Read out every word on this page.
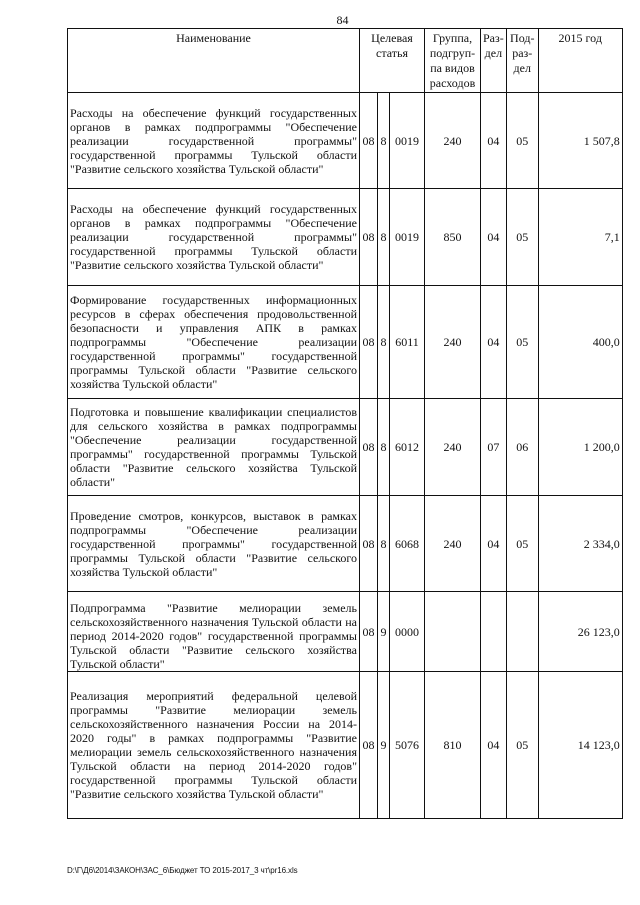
84
Наименование	Целевая статья			Группа, подгруп-па видов расходов	Раз-дел	Под-раз-дел	2015 год
Расходы на обеспечение функций государственных органов в рамках подпрограммы "Обеспечение реализации государственной программы" государственной программы Тульской области "Развитие сельского хозяйства Тульской области"	08	8	0019	240	04	05	1 507,8
Расходы на обеспечение функций государственных органов в рамках подпрограммы "Обеспечение реализации государственной программы" государственной программы Тульской области "Развитие сельского хозяйства Тульской области"	08	8	0019	850	04	05	7,1
Формирование государственных информационных ресурсов в сферах обеспечения продовольственной безопасности и управления АПК в рамках подпрограммы "Обеспечение реализации государственной программы" государственной программы Тульской области "Развитие сельского хозяйства Тульской области"	08	8	6011	240	04	05	400,0
Подготовка и повышение квалификации специалистов для сельского хозяйства в рамках подпрограммы "Обеспечение реализации государственной программы" государственной программы Тульской области "Развитие сельского хозяйства Тульской области"	08	8	6012	240	07	06	1 200,0
Проведение смотров, конкурсов, выставок в рамках подпрограммы "Обеспечение реализации государственной программы" государственной программы Тульской области "Развитие сельского хозяйства Тульской области"	08	8	6068	240	04	05	2 334,0
Подпрограмма "Развитие мелиорации земель сельскохозяйственного назначения Тульской области на период 2014-2020 годов" государственной программы Тульской области "Развитие сельского хозяйства Тульской области"	08	9	0000				26 123,0
Реализация мероприятий федеральной целевой программы "Развитие мелиорации земель сельскохозяйственного назначения России на 2014-2020 годы" в рамках подпрограммы "Развитие мелиорации земель сельскохозяйственного назначения Тульской области на период 2014-2020 годов" государственной программы Тульской области "Развитие сельского хозяйства Тульской области"	08	9	5076	810	04	05	14 123,0
D:\Г\Д6\2014\ЗАКОН\ЗАС_6\Бюджет ТО 2015-2017_3 чт\pr16.xls
